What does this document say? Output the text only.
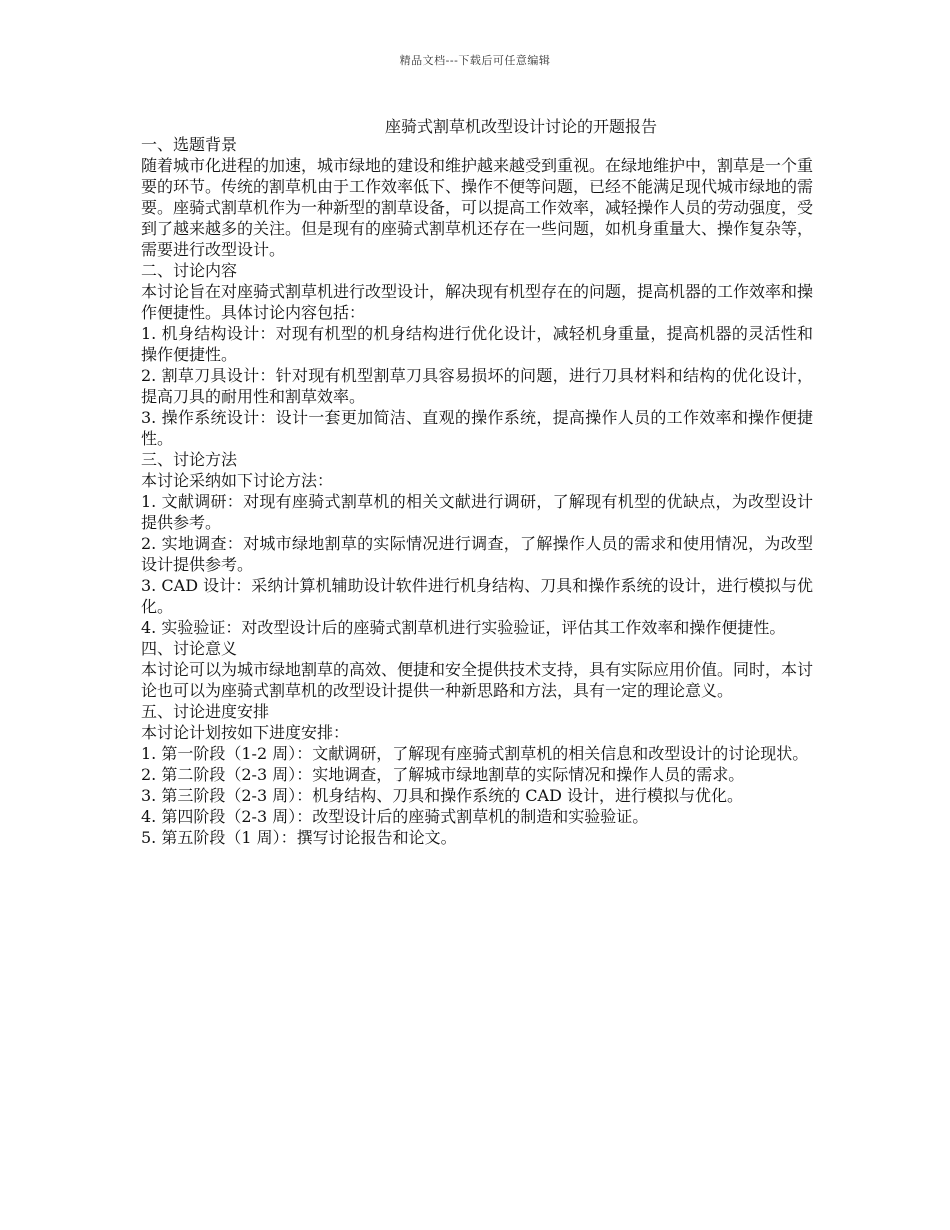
精品文档---下载后可任意编辑
座骑式割草机改型设计讨论的开题报告

一、选题背景

随着城市化进程的加速，城市绿地的建设和维护越来越受到重视。在绿地维护中，割草是一个重要的环节。传统的割草机由于工作效率低下、操作不便等问题，已经不能满足现代城市绿地的需要。座骑式割草机作为一种新型的割草设备，可以提高工作效率，减轻操作人员的劳动强度，受到了越来越多的关注。但是现有的座骑式割草机还存在一些问题，如机身重量大、操作复杂等，需要进行改型设计。

二、讨论内容

本讨论旨在对座骑式割草机进行改型设计，解决现有机型存在的问题，提高机器的工作效率和操作便捷性。具体讨论内容包括：

1. 机身结构设计：对现有机型的机身结构进行优化设计，减轻机身重量，提高机器的灵活性和操作便捷性。

2. 割草刀具设计：针对现有机型割草刀具容易损坏的问题，进行刀具材料和结构的优化设计，提高刀具的耐用性和割草效率。

3. 操作系统设计：设计一套更加简洁、直观的操作系统，提高操作人员的工作效率和操作便捷性。

三、讨论方法

本讨论采纳如下讨论方法：

1. 文献调研：对现有座骑式割草机的相关文献进行调研，了解现有机型的优缺点，为改型设计提供参考。

2. 实地调查：对城市绿地割草的实际情况进行调查，了解操作人员的需求和使用情况，为改型设计提供参考。

3. CAD 设计：采纳计算机辅助设计软件进行机身结构、刀具和操作系统的设计，进行模拟与优化。

4. 实验验证：对改型设计后的座骑式割草机进行实验验证，评估其工作效率和操作便捷性。

四、讨论意义

本讨论可以为城市绿地割草的高效、便捷和安全提供技术支持，具有实际应用价值。同时，本讨论也可以为座骑式割草机的改型设计提供一种新思路和方法，具有一定的理论意义。

五、讨论进度安排

本讨论计划按如下进度安排：

1. 第一阶段（1-2 周）：文献调研，了解现有座骑式割草机的相关信息和改型设计的讨论现状。

2. 第二阶段（2-3 周）：实地调查，了解城市绿地割草的实际情况和操作人员的需求。

3. 第三阶段（2-3 周）：机身结构、刀具和操作系统的 CAD 设计，进行模拟与优化。

4. 第四阶段（2-3 周）：改型设计后的座骑式割草机的制造和实验验证。

5. 第五阶段（1 周）：撰写讨论报告和论文。
